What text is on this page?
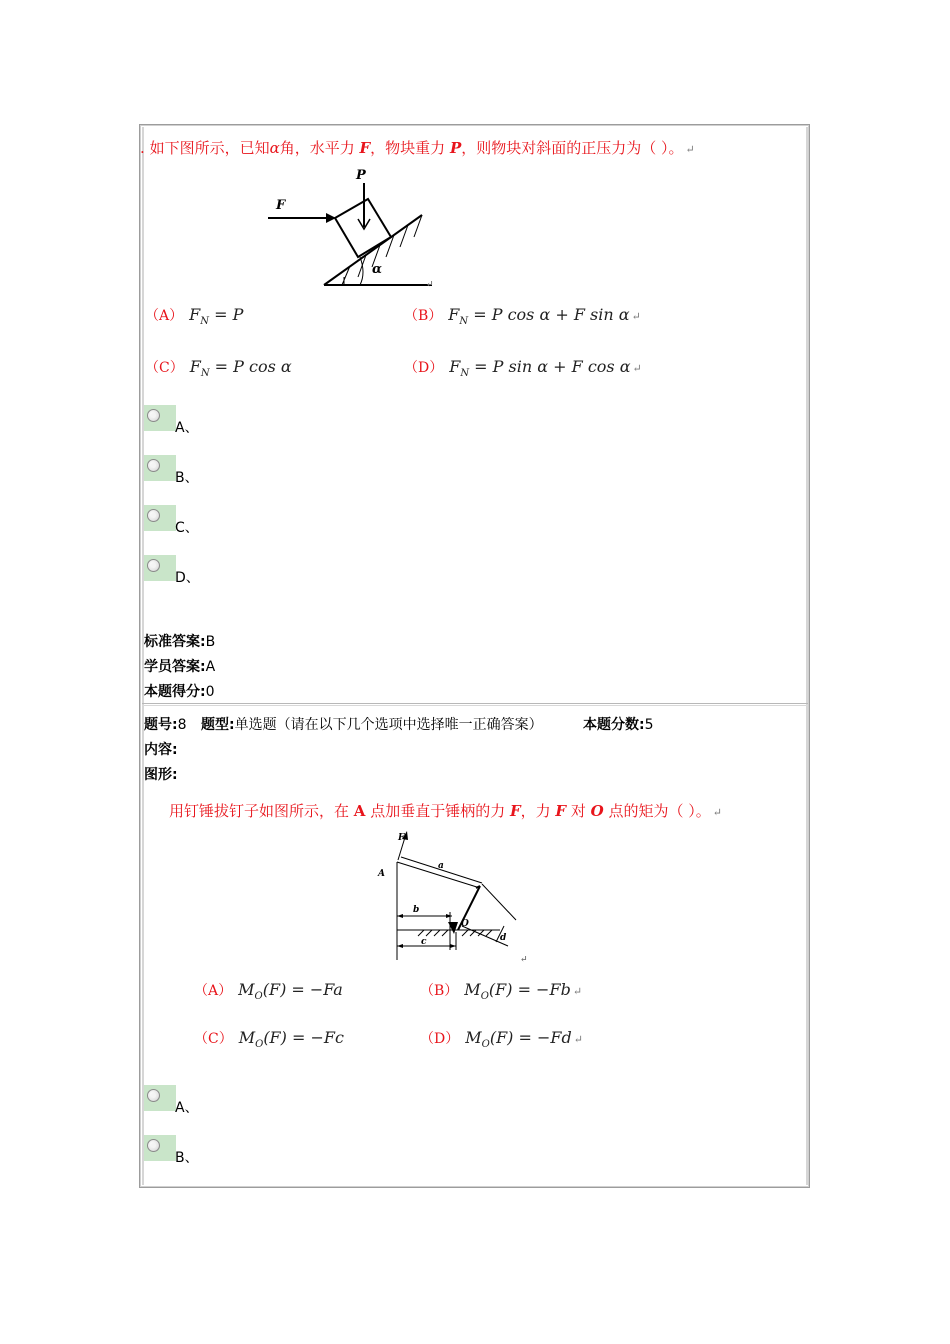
. 如下图所示，已知α角，水平力 F，物块重力 P，则物块对斜面的正压力为（ ）。 ↵
P
F
α
↵
（A） $F_N = P$	（B） $F_N = P$ cos α + F sin α ↵
（C） $F_N = P$ cos α	（D） $F_N = P$ sin α + F cos α ↵
A、
B、
C、
D、
标准答案:B
学员答案:A
本题得分:0
题号:8 题型:单选题（请在以下几个选项中选择唯一正确答案）	本题分数:5
内容:
图形:
用钉锤拔钉子如图所示，在 A 点加垂直于锤柄的力 F，力 F 对 O 点的矩为（ ）。 ↵
F
A
a
b
c
O
d
↵
（A） $M_O(F) = -Fa$	（B） $M_O(F) = -Fb$ ↵
（C） $M_O(F) = -Fc$	（D） $M_O(F) = -Fd$ ↵
A、
B、
